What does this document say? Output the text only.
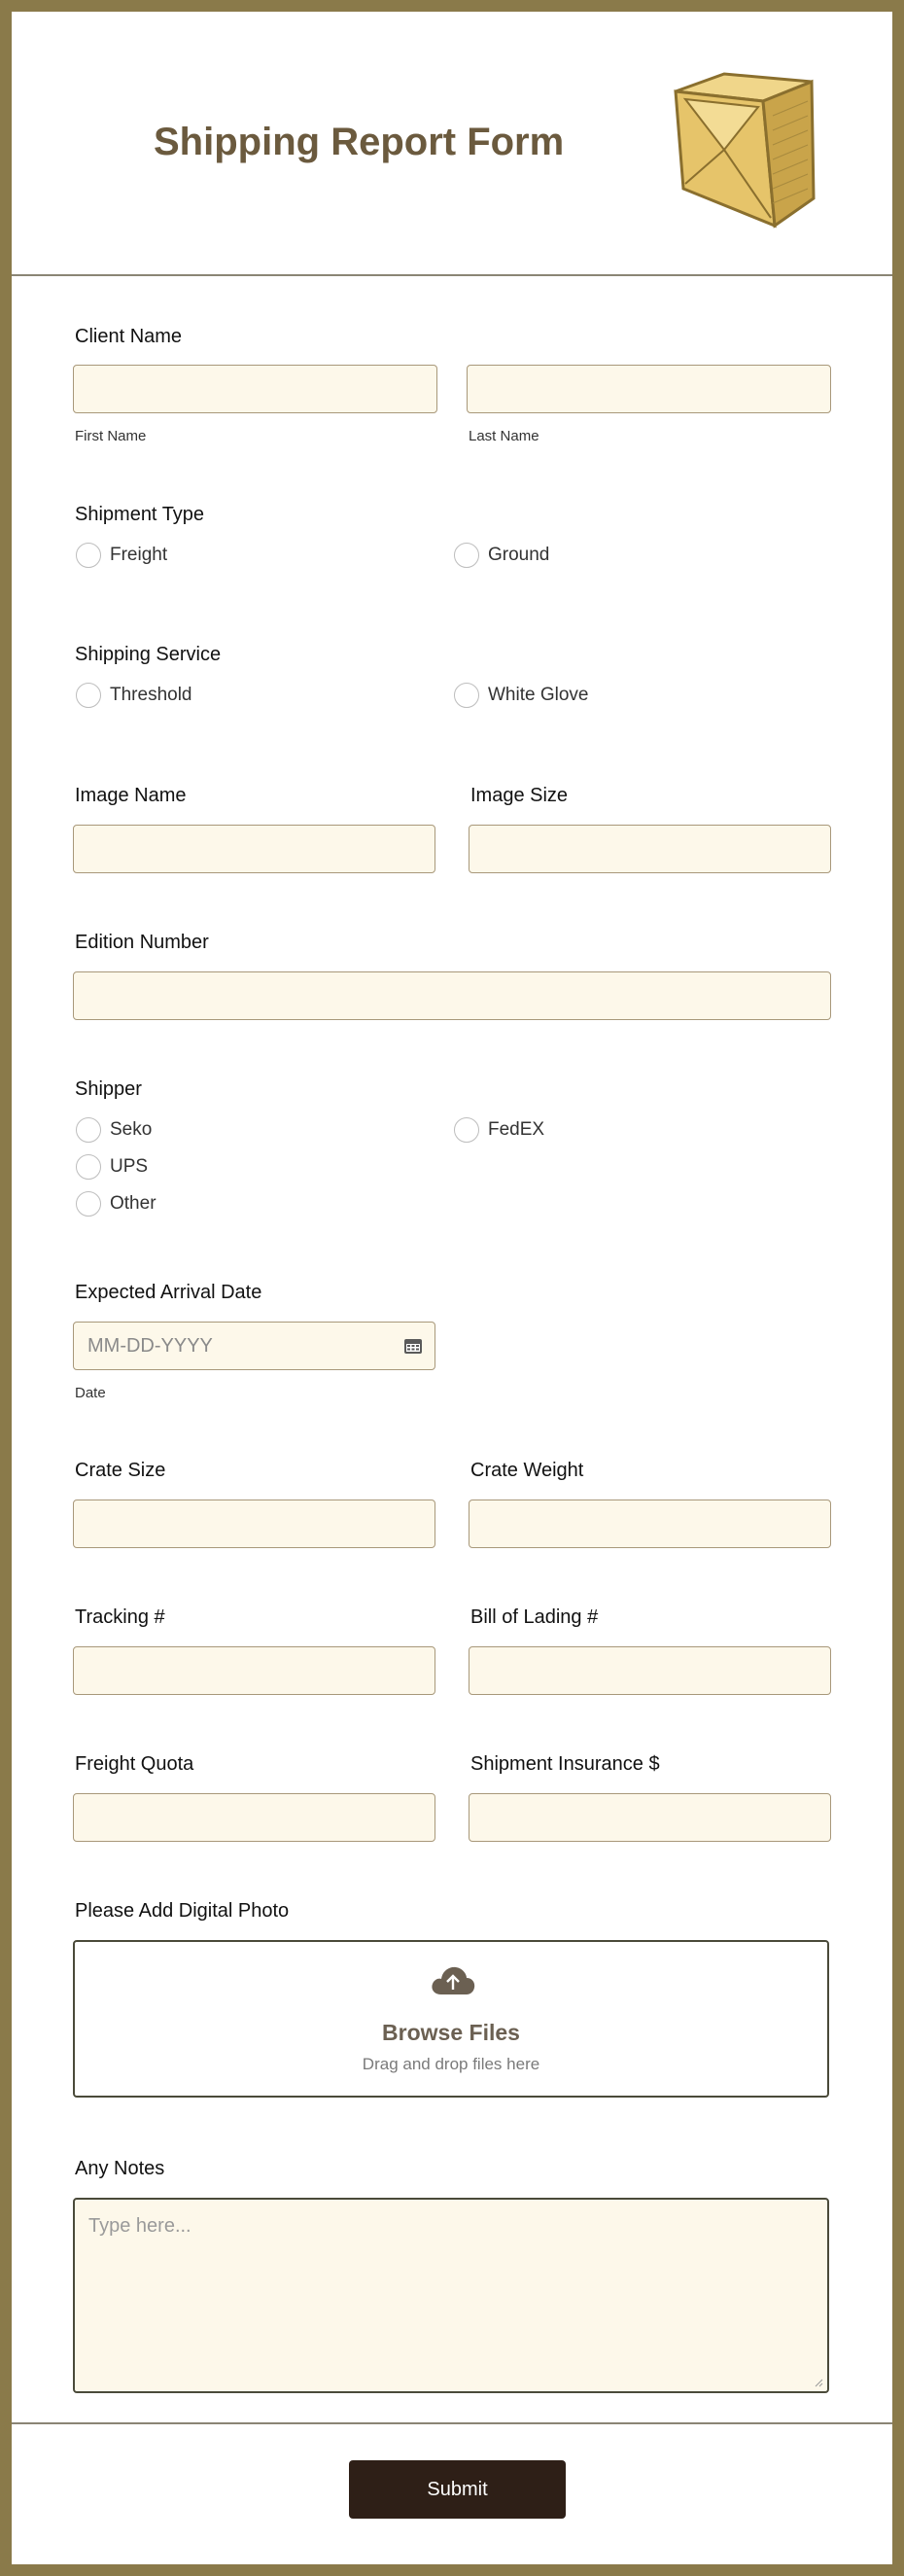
Shipping Report Form
Client Name
First Name	Last Name
Shipment Type
Freight	Ground
Shipping Service
Threshold	White Glove
Image Name	Image Size
Edition Number
Shipper
Seko	FedEX
UPS
Other
Expected Arrival Date
MM-DD-YYYY
Date
Crate Size	Crate Weight
Tracking #	Bill of Lading #
Freight Quota	Shipment Insurance $
Please Add Digital Photo
Browse Files
Drag and drop files here
Any Notes
Type here...
Submit
